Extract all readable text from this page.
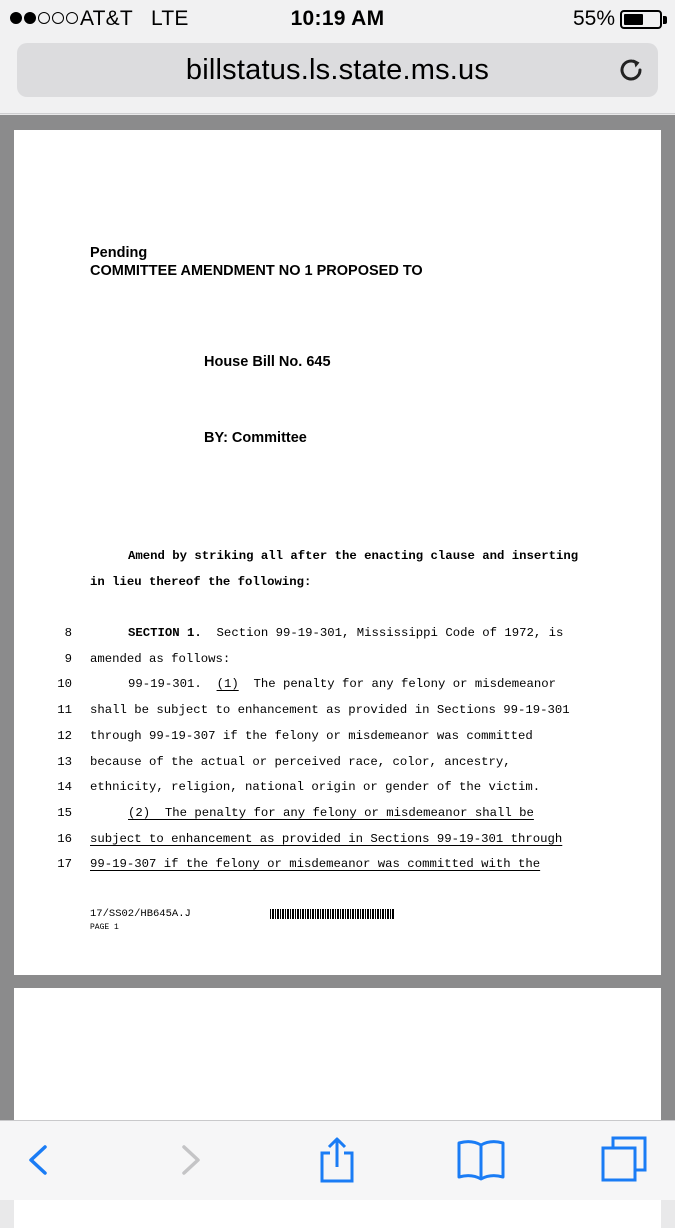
AT&T LTE	10:19 AM	55%
billstatus.ls.state.ms.us
Pending
COMMITTEE AMENDMENT NO 1 PROPOSED TO
House Bill No. 645
BY: Committee
Amend by striking all after the enacting clause and inserting
in lieu thereof the following:
8	SECTION 1.  Section 99-19-301, Mississippi Code of 1972, is
9 amended as follows:
10	99-19-301.  (1)  The penalty for any felony or misdemeanor
11 shall be subject to enhancement as provided in Sections 99-19-301
12 through 99-19-307 if the felony or misdemeanor was committed
13 because of the actual or perceived race, color, ancestry,
14 ethnicity, religion, national origin or gender of the victim.
15	(2)  The penalty for any felony or misdemeanor shall be
16 subject to enhancement as provided in Sections 99-19-301 through
17 99-19-307 if the felony or misdemeanor was committed with the
17/SS02/HB645A.J
PAGE 1
